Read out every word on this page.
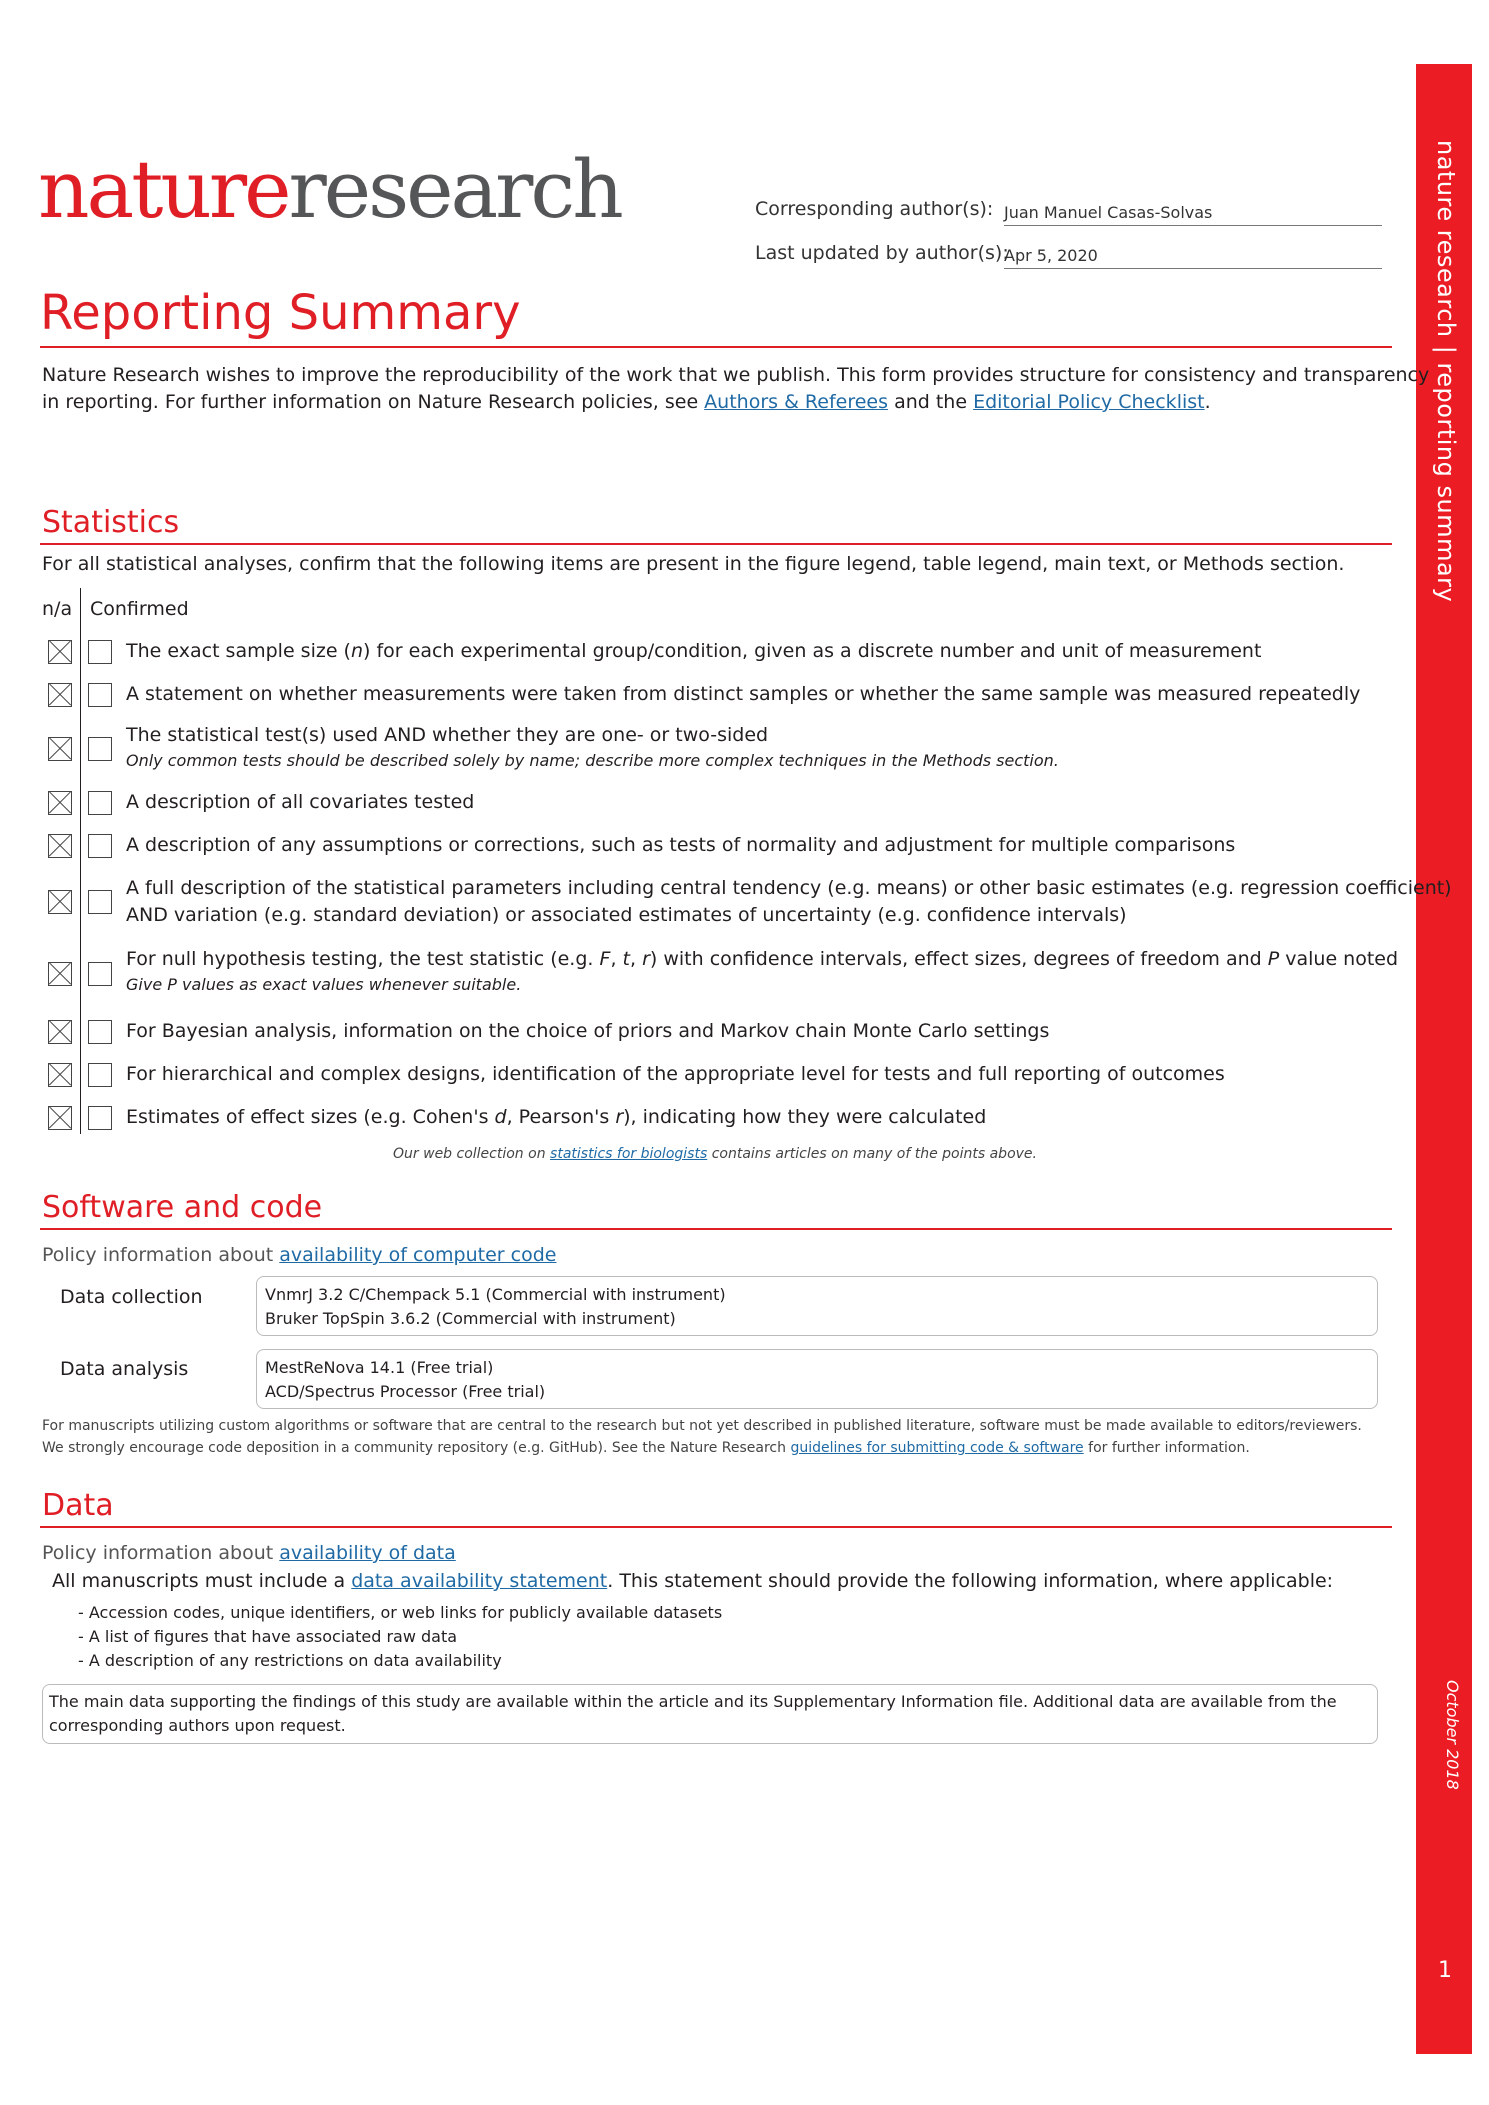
nature research | reporting summary
October 2018
1
natureresearch	Corresponding author(s): Juan Manuel Casas-Solvas
Last updated by author(s):
Apr 5, 2020
Reporting Summary
Nature Research wishes to improve the reproducibility of the work that we publish. This form provides structure for consistency and transparency
in reporting. For further information on Nature Research policies, see Authors & Referees and the Editorial Policy Checklist.
Statistics
For all statistical analyses, confirm that the following items are present in the figure legend, table legend, main text, or Methods section.
n/a Confirmed
The exact sample size (n) for each experimental group/condition, given as a discrete number and unit of measurement
A statement on whether measurements were taken from distinct samples or whether the same sample was measured repeatedly
The statistical test(s) used AND whether they are one- or two-sided
Only common tests should be described solely by name; describe more complex techniques in the Methods section.
A description of all covariates tested
A description of any assumptions or corrections, such as tests of normality and adjustment for multiple comparisons
A full description of the statistical parameters including central tendency (e.g. means) or other basic estimates (e.g. regression coefficient)
AND variation (e.g. standard deviation) or associated estimates of uncertainty (e.g. confidence intervals)
For null hypothesis testing, the test statistic (e.g. F, t, r) with confidence intervals, effect sizes, degrees of freedom and P value noted
Give P values as exact values whenever suitable.
For Bayesian analysis, information on the choice of priors and Markov chain Monte Carlo settings
For hierarchical and complex designs, identification of the appropriate level for tests and full reporting of outcomes
Estimates of effect sizes (e.g. Cohen's d, Pearson's r), indicating how they were calculated
Our web collection on statistics for biologists contains articles on many of the points above.
Software and code
Policy information about availability of computer code
Data collection	VnmrJ 3.2 C/Chempack 5.1 (Commercial with instrument)
Bruker TopSpin 3.6.2 (Commercial with instrument)
Data analysis	MestReNova 14.1 (Free trial)
ACD/Spectrus Processor (Free trial)
For manuscripts utilizing custom algorithms or software that are central to the research but not yet described in published literature, software must be made available to editors/reviewers.
We strongly encourage code deposition in a community repository (e.g. GitHub). See the Nature Research guidelines for submitting code & software for further information.
Data
Policy information about availability of data
All manuscripts must include a data availability statement. This statement should provide the following information, where applicable:
- Accession codes, unique identifiers, or web links for publicly available datasets
- A list of figures that have associated raw data
- A description of any restrictions on data availability
The main data supporting the findings of this study are available within the article and its Supplementary Information file. Additional data are available from the
corresponding authors upon request.
